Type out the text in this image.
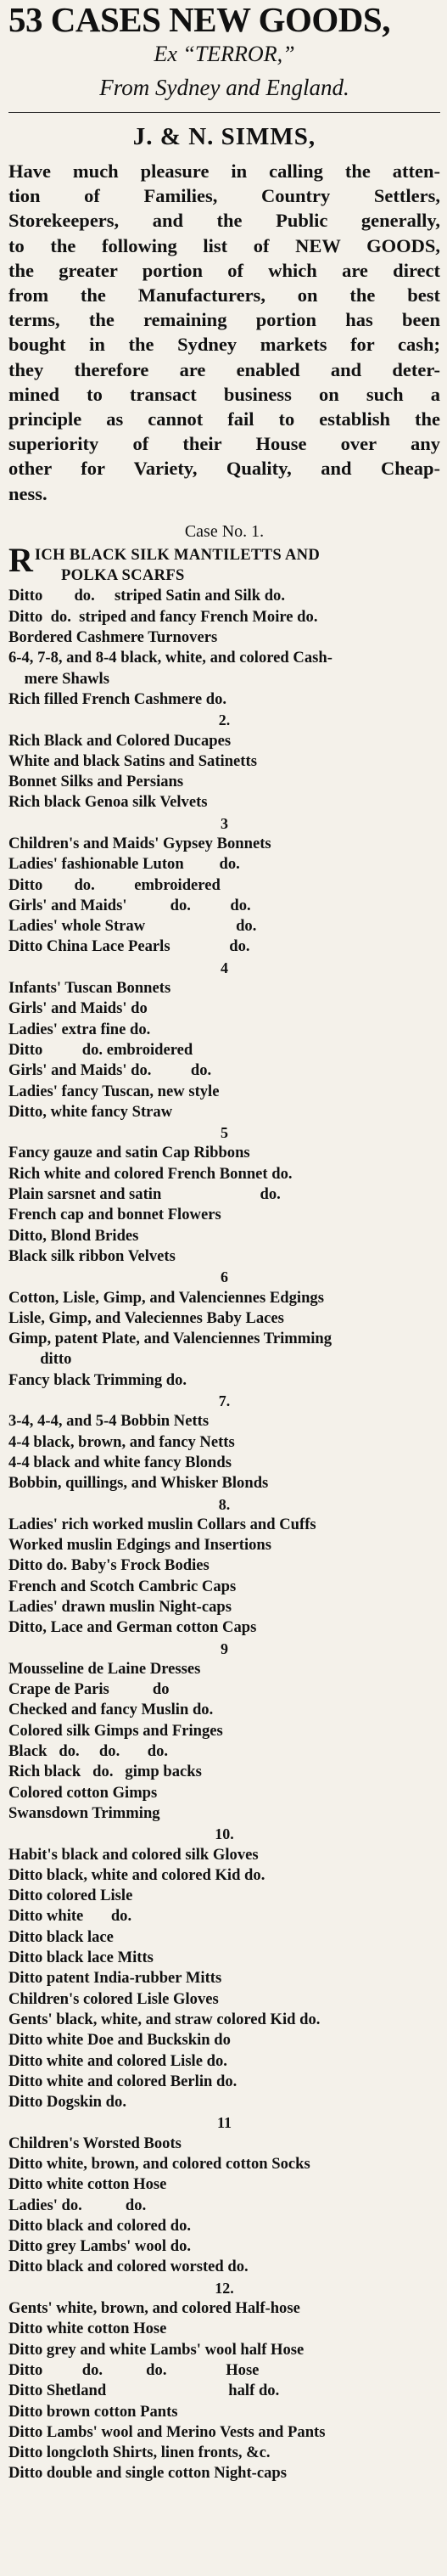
53 CASES NEW GOODS,
Ex “TERROR,”
From Sydney and England.
J. & N. SIMMS,
Have much pleasure in calling the atten-
tion of Families, Country Settlers,
Storekeepers, and the Public generally,
to the following list of NEW GOODS,
the greater portion of which are direct
from the Manufacturers, on the best
terms, the remaining portion has been
bought in the Sydney markets for cash;
they therefore are enabled and deter-
mined to transact business on such a
principle as cannot fail to establish the
superiority of their House over any
other for Variety, Quality, and Cheap-
ness.
Case No. 1.
R ICH BLACK SILK MANTILETTS AND
POLKA SCARFS
Ditto        do.     striped Satin and Silk do.
Ditto  do.  striped and fancy French Moire do.
Bordered Cashmere Turnovers
6-4, 7-8, and 8-4 black, white, and colored Cash-
mere Shawls
Rich filled French Cashmere do.
2.
Rich Black and Colored Ducapes
White and black Satins and Satinetts
Bonnet Silks and Persians
Rich black Genoa silk Velvets
3
Children's and Maids' Gypsey Bonnets
Ladies' fashionable Luton         do.
Ditto        do.          embroidered
Girls' and Maids'           do.          do.
Ladies' whole Straw                       do.
Ditto China Lace Pearls               do.
4
Infants' Tuscan Bonnets
Girls' and Maids' do
Ladies' extra fine do.
Ditto          do. embroidered
Girls' and Maids' do.          do.
Ladies' fancy Tuscan, new style
Ditto, white fancy Straw
5
Fancy gauze and satin Cap Ribbons
Rich white and colored French Bonnet do.
Plain sarsnet and satin                         do.
French cap and bonnet Flowers
Ditto, Blond Brides
Black silk ribbon Velvets
6
Cotton, Lisle, Gimp, and Valenciennes Edgings
Lisle, Gimp, and Valeciennes Baby Laces
Gimp, patent Plate, and Valenciennes Trimming
ditto
Fancy black Trimming do.
7.
3-4, 4-4, and 5-4 Bobbin Netts
4-4 black, brown, and fancy Netts
4-4 black and white fancy Blonds
Bobbin, quillings, and Whisker Blonds
8.
Ladies' rich worked muslin Collars and Cuffs
Worked muslin Edgings and Insertions
Ditto do. Baby's Frock Bodies
French and Scotch Cambric Caps
Ladies' drawn muslin Night-caps
Ditto, Lace and German cotton Caps
9
Mousseline de Laine Dresses
Crape de Paris           do
Checked and fancy Muslin do.
Colored silk Gimps and Fringes
Black   do.     do.       do.
Rich black   do.   gimp backs
Colored cotton Gimps
Swansdown Trimming
10.
Habit's black and colored silk Gloves
Ditto black, white and colored Kid do.
Ditto colored Lisle
Ditto white       do.
Ditto black lace
Ditto black lace Mitts
Ditto patent India-rubber Mitts
Children's colored Lisle Gloves
Gents' black, white, and straw colored Kid do.
Ditto white Doe and Buckskin do
Ditto white and colored Lisle do.
Ditto white and colored Berlin do.
Ditto Dogskin do.
11
Children's Worsted Boots
Ditto white, brown, and colored cotton Socks
Ditto white cotton Hose
Ladies' do.           do.
Ditto black and colored do.
Ditto grey Lambs' wool do.
Ditto black and colored worsted do.
12.
Gents' white, brown, and colored Half-hose
Ditto white cotton Hose
Ditto grey and white Lambs' wool half Hose
Ditto          do.           do.               Hose
Ditto Shetland                               half do.
Ditto brown cotton Pants
Ditto Lambs' wool and Merino Vests and Pants
Ditto longcloth Shirts, linen fronts, &c.
Ditto double and single cotton Night-caps
